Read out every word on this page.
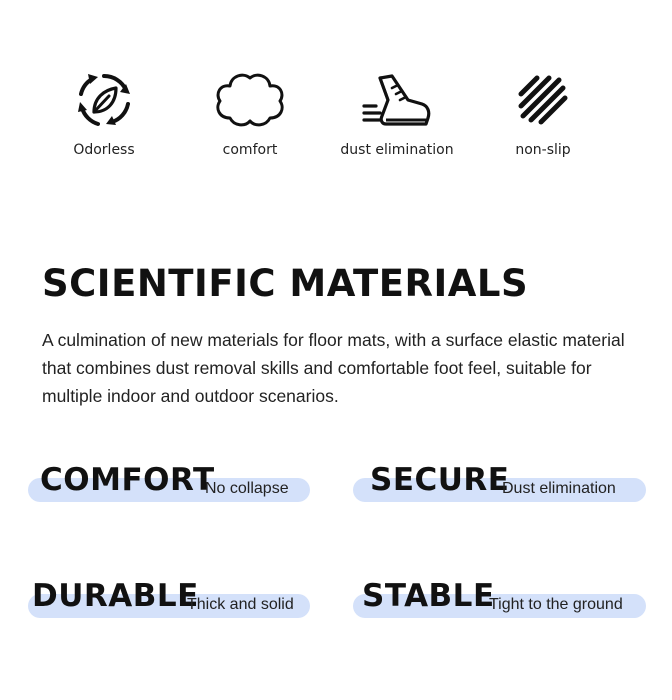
Odorless	comfort	dust elimination	non-slip
SCIENTIFIC MATERIALS

A culmination of new materials for floor mats, with a surface elastic material that combines dust removal skills and comfortable foot feel, suitable for multiple indoor and outdoor scenarios.

COMFORT
No collapse	SECURE
Dust elimination
DURABLE
Thick and solid STABLE
Tight to the ground
